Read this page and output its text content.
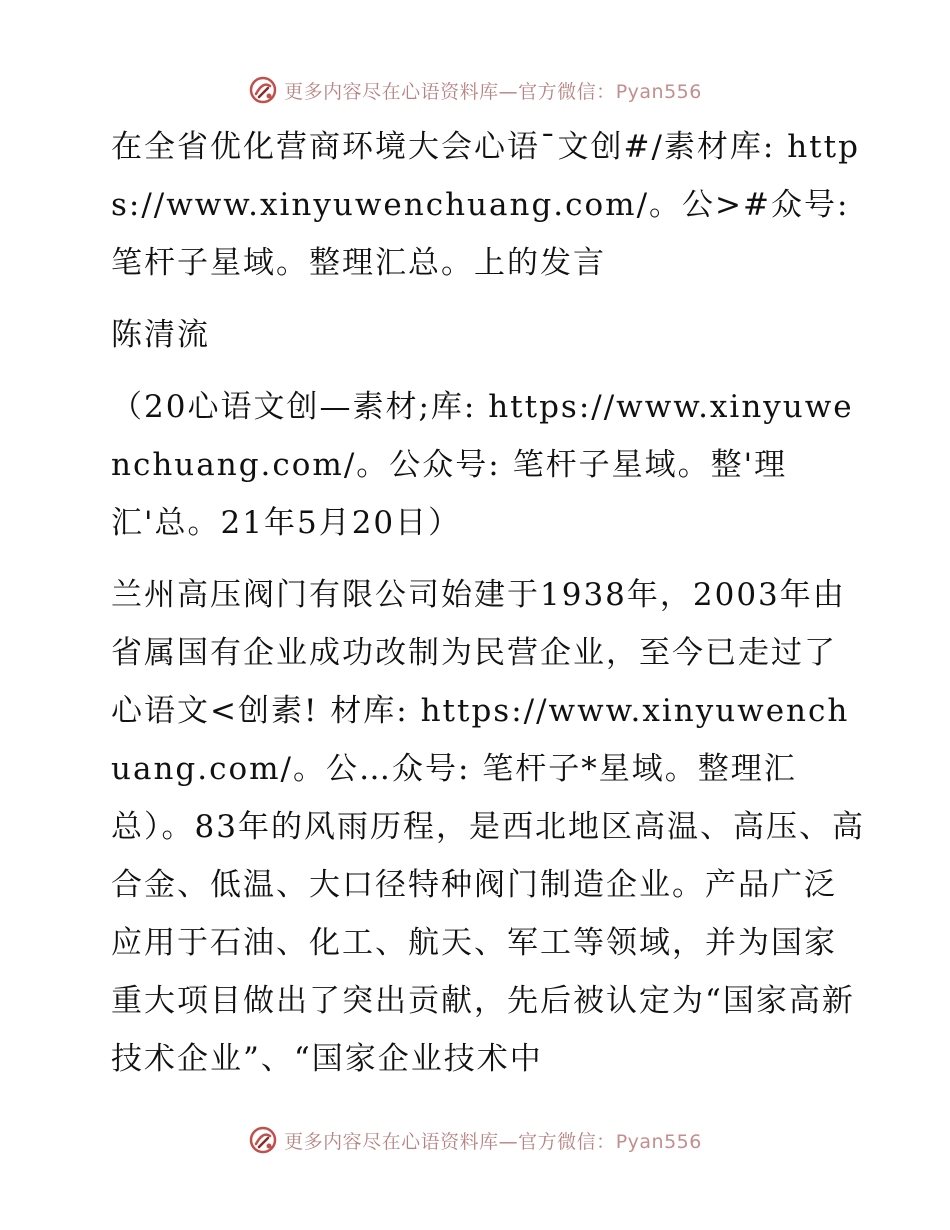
更多内容尽在心语资料库—官方微信：Pyan556

在全省优化营商环境大会心语¯文创#/素材库: https://www.xinyuwenchuang.com/。公>#众号: 笔杆子星域。整理汇总。上的发言

陈清流

（20心语文创—素材;库: https://www.xinyuwenchuang.com/。公众号: 笔杆子星域。整'理汇'总。21年5月20日）

兰州高压阀门有限公司始建于1938年，2003年由省属国有企业成功改制为民营企业，至今已走过了心语文<创素! 材库: https://www.xinyuwenchuang.com/。公…众号: 笔杆子*星域。整理汇总）。83年的风雨历程，是西北地区高温、高压、高合金、低温、大口径特种阀门制造企业。产品广泛应用于石油、化工、航天、军工等领域，并为国家重大项目做出了突出贡献，先后被认定为“国家高新技术企业”、“国家企业技术中

更多内容尽在心语资料库—官方微信：Pyan556
